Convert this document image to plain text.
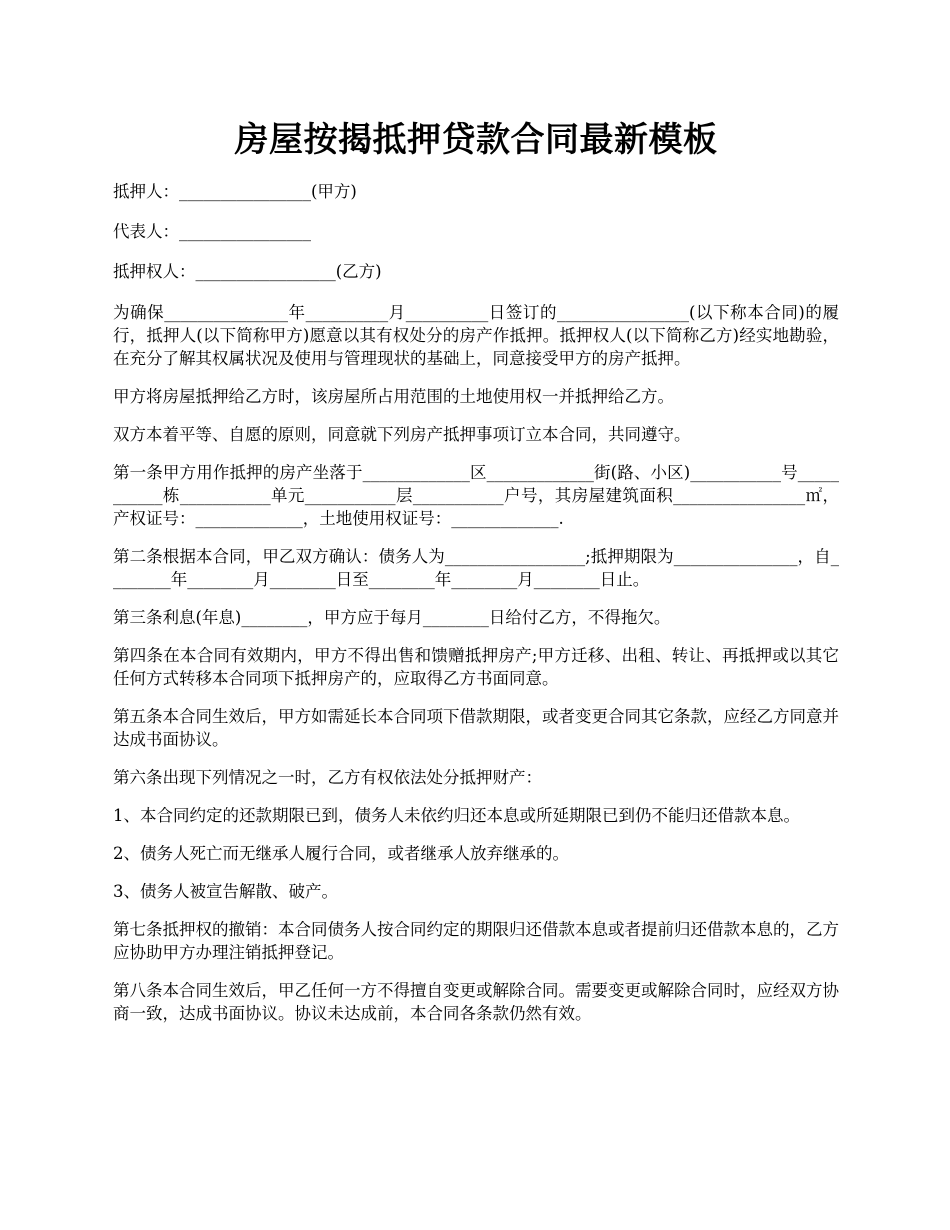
房屋按揭抵押贷款合同最新模板

抵押人：________________(甲方)

代表人：________________

抵押权人：_________________(乙方)

为确保_______________年__________月__________日签订的________________(以下称本合同)的履行，抵押人(以下简称甲方)愿意以其有权处分的房产作抵押。抵押权人(以下简称乙方)经实地勘验，在充分了解其权属状况及使用与管理现状的基础上，同意接受甲方的房产抵押。

甲方将房屋抵押给乙方时，该房屋所占用范围的土地使用权一并抵押给乙方。

双方本着平等、自愿的原则，同意就下列房产抵押事项订立本合同，共同遵守。

第一条甲方用作抵押的房产坐落于_____________区_____________街(路、小区)___________号___________栋___________单元___________层___________户号，其房屋建筑面积________________㎡，产权证号：_____________，土地使用权证号：_____________.

第二条根据本合同，甲乙双方确认：债务人为_________________;抵押期限为_______________，自________年________月________日至________年________月________日止。

第三条利息(年息)________，甲方应于每月________日给付乙方，不得拖欠。

第四条在本合同有效期内，甲方不得出售和馈赠抵押房产;甲方迁移、出租、转让、再抵押或以其它任何方式转移本合同项下抵押房产的，应取得乙方书面同意。

第五条本合同生效后，甲方如需延长本合同项下借款期限，或者变更合同其它条款，应经乙方同意并达成书面协议。

第六条出现下列情况之一时，乙方有权依法处分抵押财产：

1、本合同约定的还款期限已到，债务人未依约归还本息或所延期限已到仍不能归还借款本息。

2、债务人死亡而无继承人履行合同，或者继承人放弃继承的。

3、债务人被宣告解散、破产。

第七条抵押权的撤销：本合同债务人按合同约定的期限归还借款本息或者提前归还借款本息的，乙方应协助甲方办理注销抵押登记。

第八条本合同生效后，甲乙任何一方不得擅自变更或解除合同。需要变更或解除合同时，应经双方协商一致，达成书面协议。协议未达成前，本合同各条款仍然有效。
